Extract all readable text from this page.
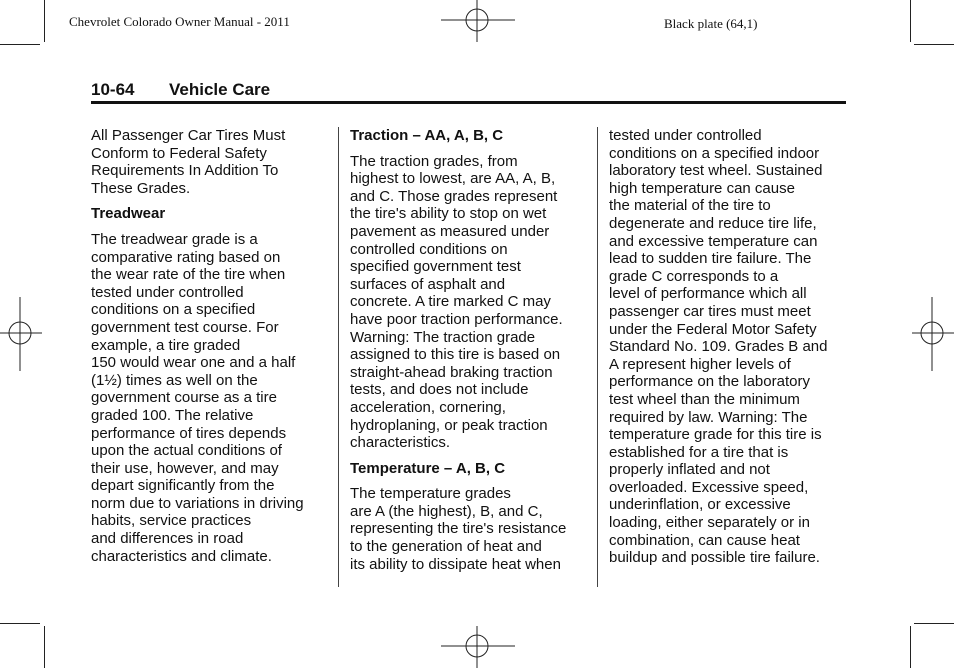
Chevrolet Colorado Owner Manual - 2011	Black plate (64,1)
10-64 Vehicle Care

All Passenger Car Tires Must
Conform to Federal Safety
Requirements In Addition To
These Grades.

Treadwear

The treadwear grade is a
comparative rating based on
the wear rate of the tire when
tested under controlled
conditions on a specified
government test course. For
example, a tire graded
150 would wear one and a half
(1½) times as well on the
government course as a tire
graded 100. The relative
performance of tires depends
upon the actual conditions of
their use, however, and may
depart significantly from the
norm due to variations in driving
habits, service practices
and differences in road
characteristics and climate.

Traction – AA, A, B, C

The traction grades, from
highest to lowest, are AA, A, B,
and C. Those grades represent
the tire's ability to stop on wet
pavement as measured under
controlled conditions on
specified government test
surfaces of asphalt and
concrete. A tire marked C may
have poor traction performance.
Warning: The traction grade
assigned to this tire is based on
straight-ahead braking traction
tests, and does not include
acceleration, cornering,
hydroplaning, or peak traction
characteristics.

Temperature – A, B, C

The temperature grades
are A (the highest), B, and C,
representing the tire's resistance
to the generation of heat and
its ability to dissipate heat when

tested under controlled
conditions on a specified indoor
laboratory test wheel. Sustained
high temperature can cause
the material of the tire to
degenerate and reduce tire life,
and excessive temperature can
lead to sudden tire failure. The
grade C corresponds to a
level of performance which all
passenger car tires must meet
under the Federal Motor Safety
Standard No. 109. Grades B and
A represent higher levels of
performance on the laboratory
test wheel than the minimum
required by law. Warning: The
temperature grade for this tire is
established for a tire that is
properly inflated and not
overloaded. Excessive speed,
underinflation, or excessive
loading, either separately or in
combination, can cause heat
buildup and possible tire failure.
